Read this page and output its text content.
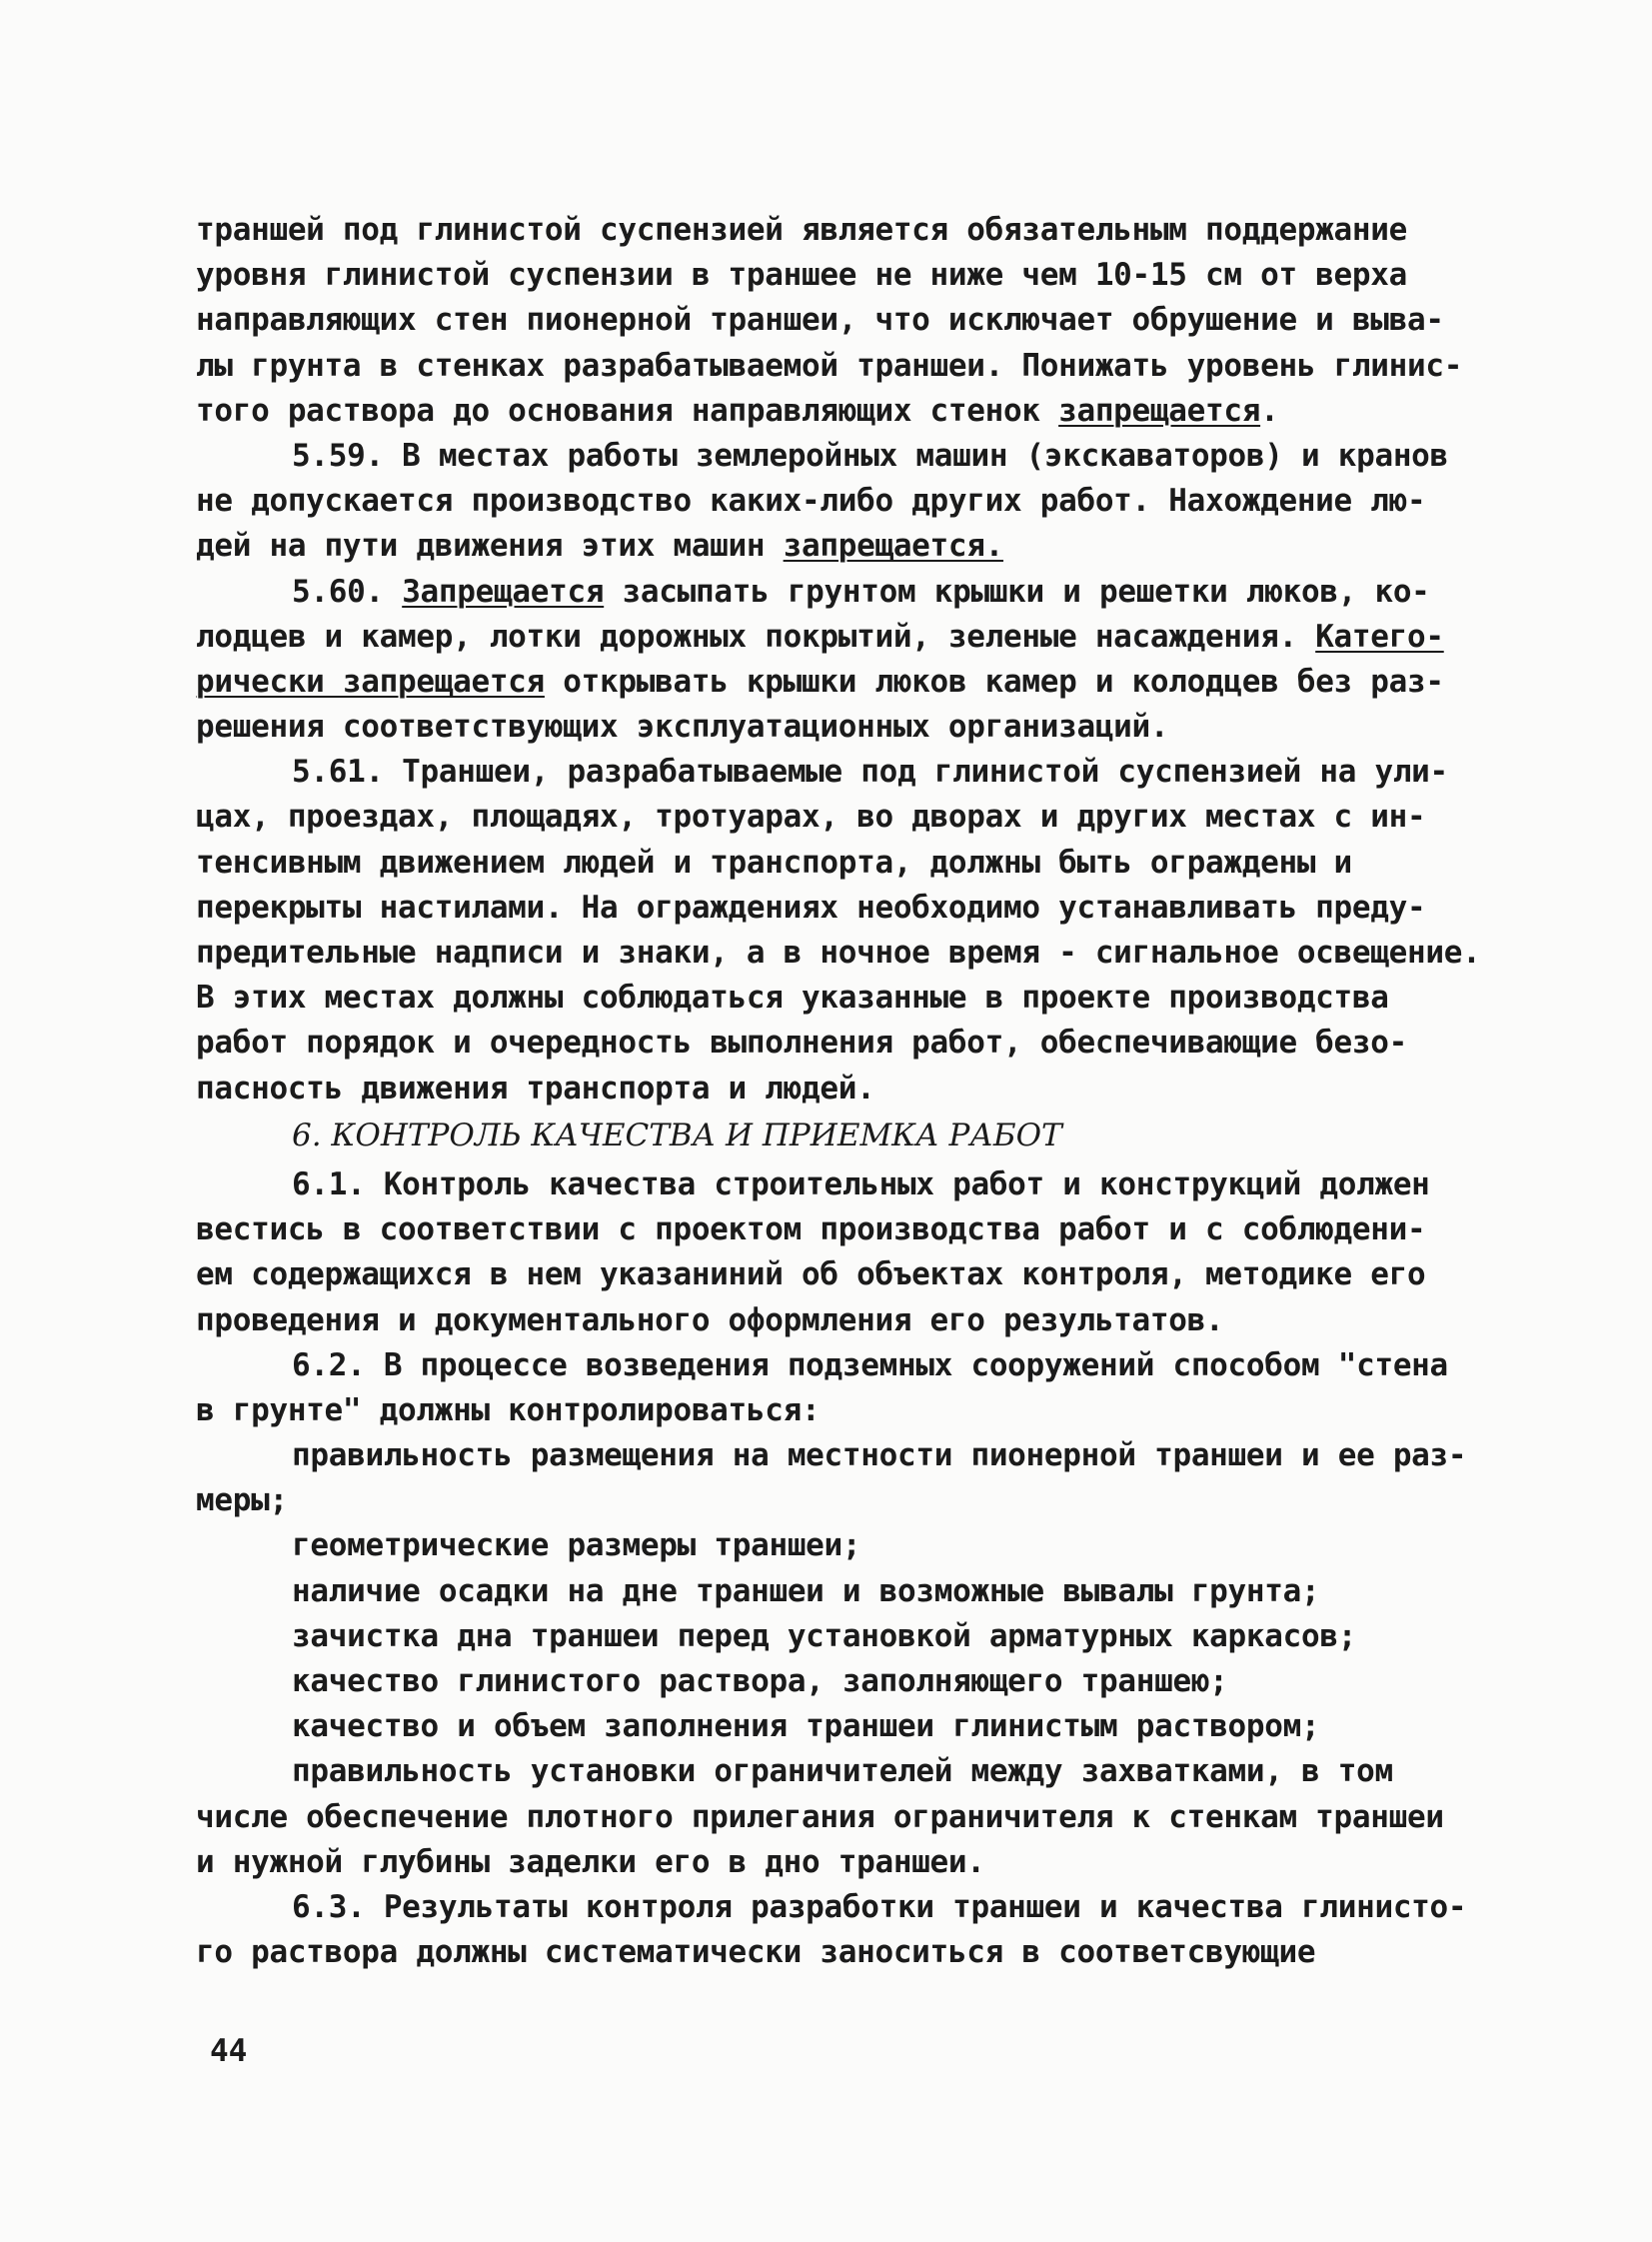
траншей под глинистой суспензией является обязательным поддержание
уровня глинистой суспензии в траншее не ниже чем 10-15 см от верха
направляющих стен пионерной траншеи, что исключает обрушение и выва-
лы грунта в стенках разрабатываемой траншеи. Понижать уровень глинис-
того раствора до основания направляющих стенок запрещается.
5.59. В местах работы землеройных машин (экскаваторов) и кранов
не допускается производство каких-либо других работ. Нахождение лю-
дей на пути движения этих машин запрещается.
5.60. Запрещается засыпать грунтом крышки и решетки люков, ко-
лодцев и камер, лотки дорожных покрытий, зеленые насаждения. Катего-
рически запрещается открывать крышки люков камер и колодцев без раз-
решения соответствующих эксплуатационных организаций.
5.61. Траншеи, разрабатываемые под глинистой суспензией на ули-
цах, проездах, площадях, тротуарах, во дворах и других местах с ин-
тенсивным движением людей и транспорта, должны быть ограждены и
перекрыты настилами. На ограждениях необходимо устанавливать преду-
предительные надписи и знаки, а в ночное время - сигнальное освещение.
В этих местах должны соблюдаться указанные в проекте производства
работ порядок и очередность выполнения работ, обеспечивающие безо-
пасность движения транспорта и людей.
6. КОНТРОЛЬ КАЧЕСТВА И ПРИЕМКА РАБОТ
6.1. Контроль качества строительных работ и конструкций должен
вестись в соответствии с проектом производства работ и с соблюдени-
ем содержащихся в нем указаниний об объектах контроля, методике его
проведения и документального оформления его результатов.
6.2. В процессе возведения подземных сооружений способом "стена
в грунте" должны контролироваться:
правильность размещения на местности пионерной траншеи и ее раз-
меры;
геометрические размеры траншеи;
наличие осадки на дне траншеи и возможные вывалы грунта;
зачистка дна траншеи перед установкой арматурных каркасов;
качество глинистого раствора, заполняющего траншею;
качество и объем заполнения траншеи глинистым раствором;
правильность установки ограничителей между захватками, в том
числе обеспечение плотного прилегания ограничителя к стенкам траншеи
и нужной глубины заделки его в дно траншеи.
6.3. Результаты контроля разработки траншеи и качества глинисто-
го раствора должны систематически заноситься в соответсвующие
44
